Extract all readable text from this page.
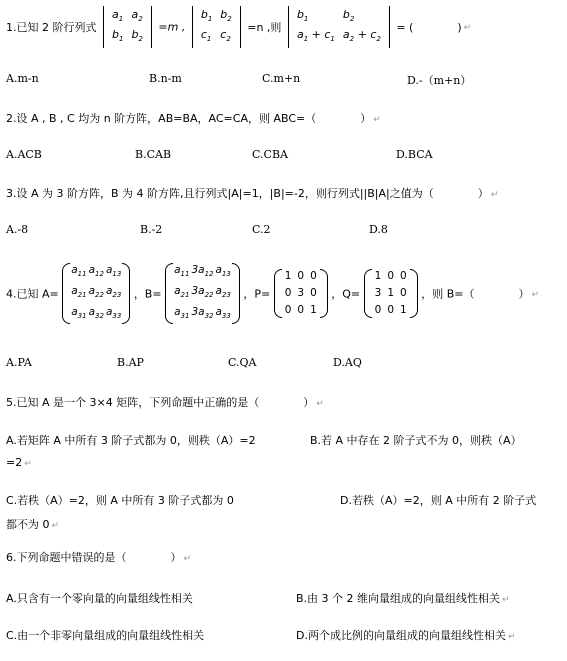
1.已知 2 阶行列式
$a_1$	$a_2$
$b_1$	$b_2$
=m ,
$b_1$	$b_2$
$c_1$	$c_2$
=n ,则
$b_1$	$b_2$
$a_1 + c_1$	$a_2 + c_2$
= (　　　　) ↵
A.m-n	B.n-m	C.m+n	D.-（m+n）
2.设 A , B , C 均为 n 阶方阵，AB=BA，AC=CA，则 ABC=（　　　　） ↵
A.ACB	B.CAB	C.CBA	D.BCA
3.设 A 为 3 阶方阵，B 为 4 阶方阵,且行列式|A|=1，|B|=-2，则行列式||B|A|之值为（　　　　） ↵
A.-8	B.-2	C.2	D.8
4.已知 A=
$a_{11}$	$a_{12}$	$a_{13}$
$a_{21}$	$a_{22}$	$a_{23}$
$a_{31}$	$a_{32}$	$a_{33}$
，B=
$a_{11}$	$3a_{12}$	$a_{13}$
$a_{21}$	$3a_{22}$	$a_{23}$
$a_{31}$	$3a_{32}$	$a_{33}$
，P=
1	0	0
0	3	0
0	0	1
，Q=
1	0	0
3	1	0
0	0	1
，则 B=（　　　　） ↵
A.PA	B.AP	C.QA	D.AQ
5.已知 A 是一个 3×4 矩阵，下列命题中正确的是（　　　　） ↵
A.若矩阵 A 中所有 3 阶子式都为 0，则秩（A）=2	B.若 A 中存在 2 阶子式不为 0，则秩（A）
=2 ↵
C.若秩（A）=2，则 A 中所有 3 阶子式都为 0	D.若秩（A）=2，则 A 中所有 2 阶子式
都不为 0 ↵
6.下列命题中错误的是（　　　　） ↵
A.只含有一个零向量的向量组线性相关	B.由 3 个 2 维向量组成的向量组线性相关 ↵
C.由一个非零向量组成的向量组线性相关	D.两个成比例的向量组成的向量组线性相关 ↵
